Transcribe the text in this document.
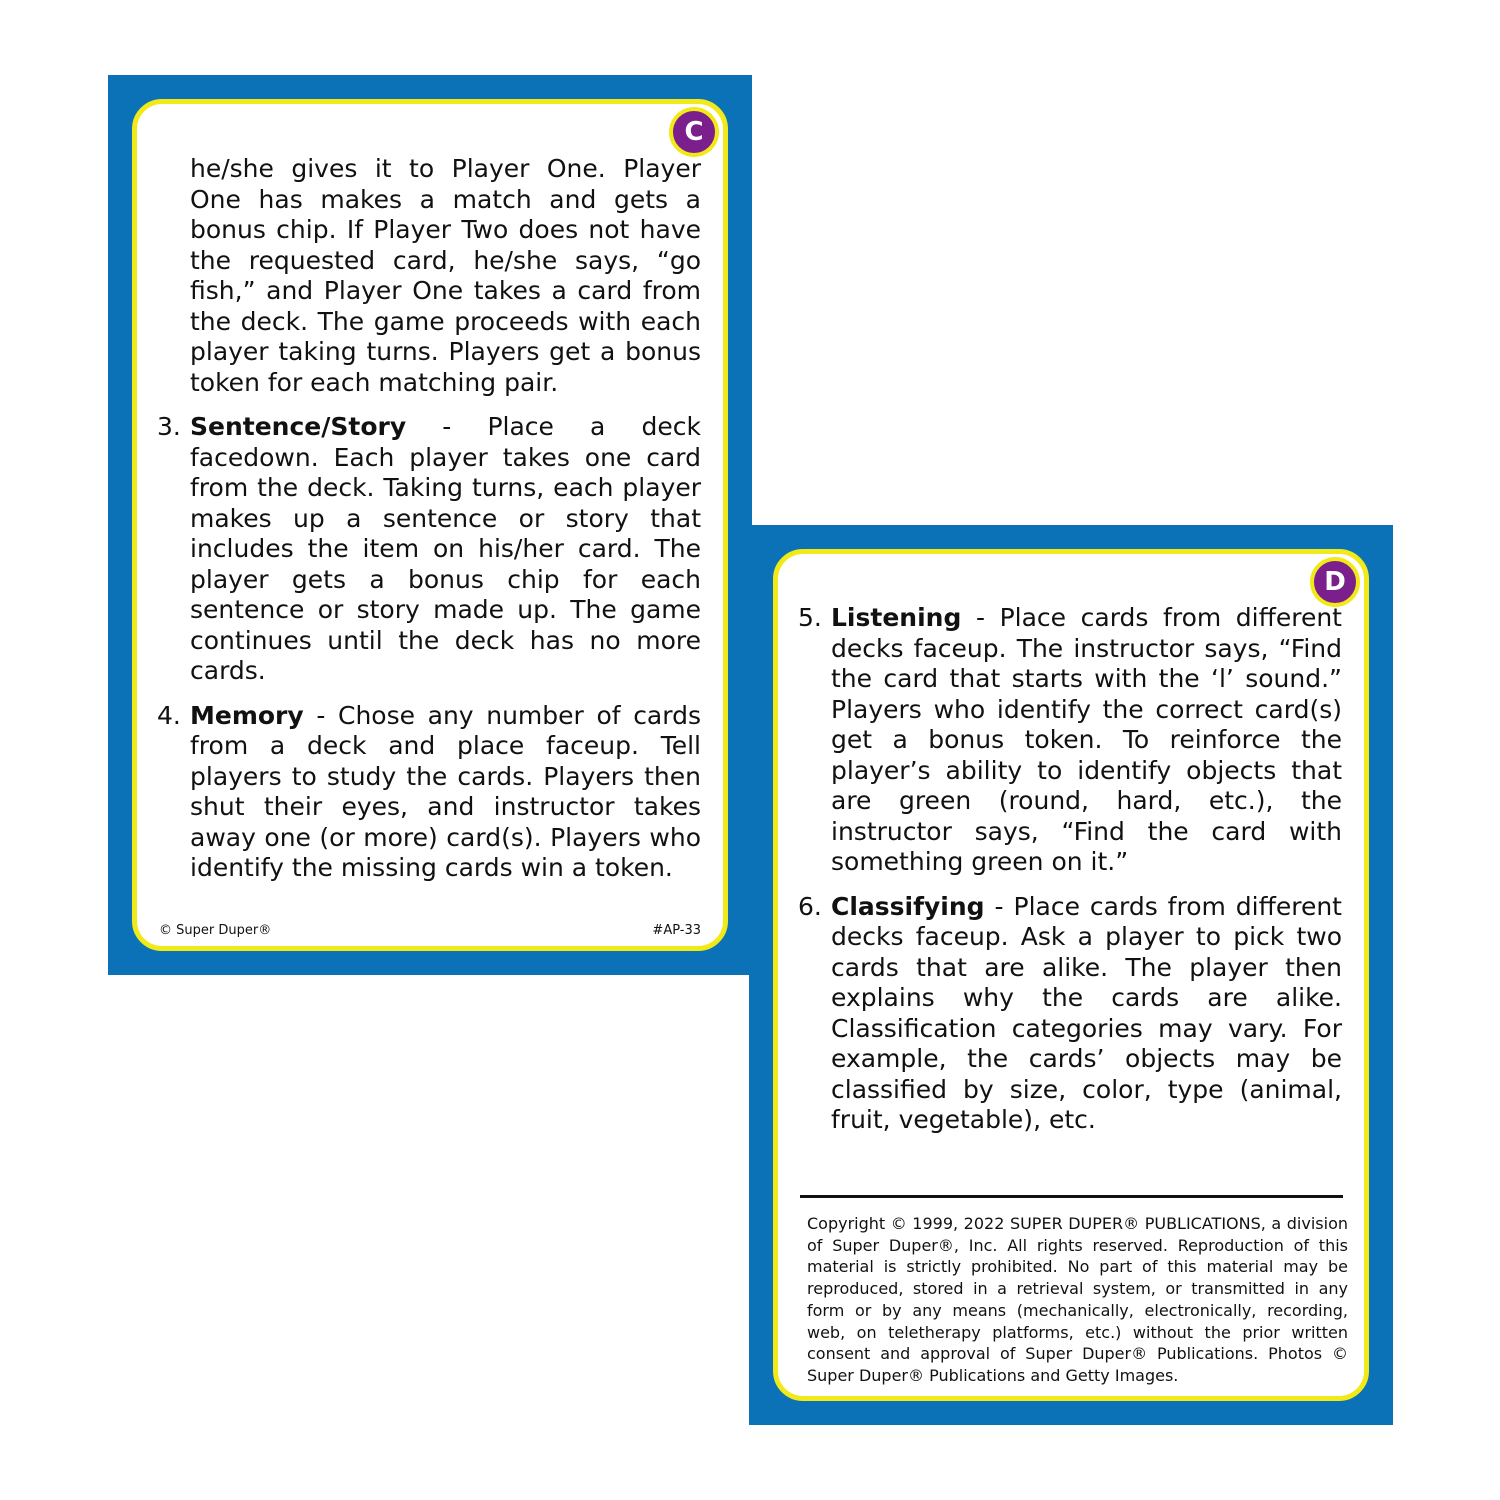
C

he/she gives it to Player One. Player One has makes a match and gets a bonus chip. If Player Two does not have the requested card, he/she says, “go fish,” and Player One takes a card from the deck. The game proceeds with each player taking turns. Players get a bonus token for each matching pair.

3. Sentence/Story - Place a deck facedown. Each player takes one card from the deck. Taking turns, each player makes up a sentence or story that includes the item on his/her card. The player gets a bonus chip for each sentence or story made up. The game continues until the deck has no more cards.
4. Memory - Chose any number of cards from a deck and place faceup. Tell players to study the cards. Players then shut their eyes, and instructor takes away one (or more) card(s). Players who identify the missing cards win a token.
© Super Duper®	#AP-33
D
5. Listening - Place cards from different decks faceup. The instructor says, “Find the card that starts with the ‘l’ sound.” Players who identify the correct card(s) get a bonus token. To reinforce the player’s ability to identify objects that are green (round, hard, etc.), the instructor says, “Find the card with something green on it.”
6. Classifying - Place cards from different decks faceup. Ask a player to pick two cards that are alike. The player then explains why the cards are alike. Classification categories may vary. For example, the cards’ objects may be classified by size, color, type (animal, fruit, vegetable), etc.
Copyright © 1999, 2022 SUPER DUPER® PUBLICATIONS, a division of Super Duper®, Inc. All rights reserved. Reproduction of this material is strictly prohibited. No part of this material may be reproduced, stored in a retrieval system, or transmitted in any form or by any means (mechanically, electronically, recording, web, on teletherapy platforms, etc.) without the prior written consent and approval of Super Duper® Publications. Photos © Super Duper® Publications and Getty Images.
